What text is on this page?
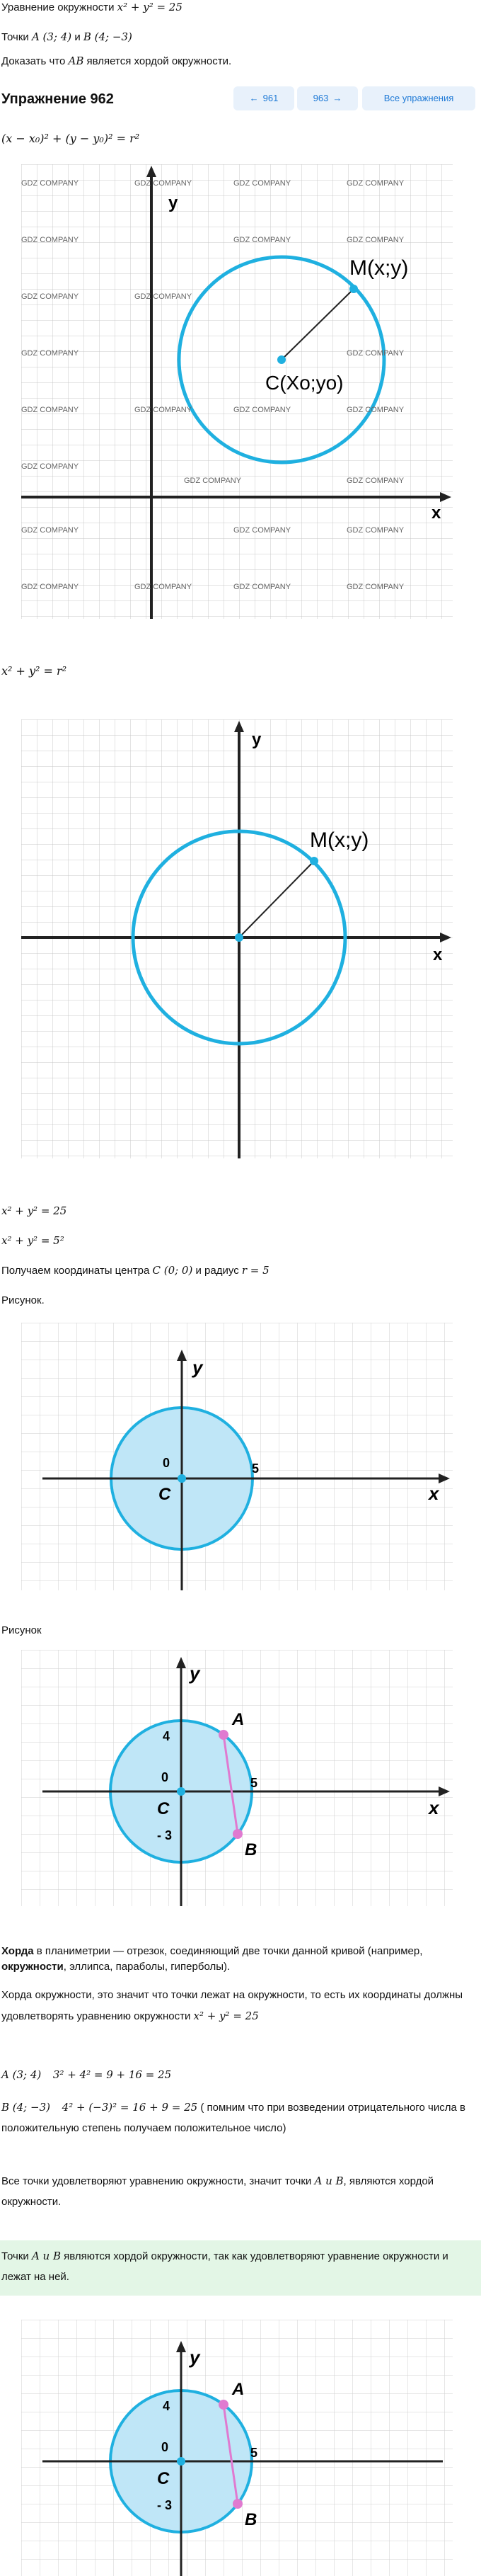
Уравнение окружности x² + y² = 25
Точки A (3; 4) и B (4; −3)
Доказать что AB является хордой окружности.
Упражнение 962	← 961	963 →	Все упражнения
(x − x₀)² + (y − y₀)² = r²
x
y
M(x;y)
C(Xo;yo)
GDZ COMPANY	GDZ COMPANY	GDZ COMPANY	GDZ COMPANY
GDZ COMPANY	GDZ COMPANY	GDZ COMPANY
GDZ COMPANY	GDZ COMPANY
GDZ COMPANY	GDZ COMPANY
GDZ COMPANY	GDZ COMPANY	GDZ COMPANY	GDZ COMPANY
GDZ COMPANY
GDZ COMPANY	GDZ COMPANY
GDZ COMPANY	GDZ COMPANY	GDZ COMPANY
GDZ COMPANY	GDZ COMPANY	GDZ COMPANY	GDZ COMPANY
x² + y² = r²
x
y
M(x;y)
x² + y² = 25
x² + y² = 5²
Получаем координаты центра C (0; 0) и радиус r = 5
Рисунок.
x
y
0
C
5
Рисунок
x
y
0
4
- 3
C
5
A
B
Хорда в планиметрии — отрезок, соединяющий две точки данной кривой (например, окружности, эллипса, параболы, гиперболы).
Хорда окружности, это значит что точки лежат на окружности, то есть их координаты должны удовлетворять уравнению окружности x² + y² = 25
A (3; 4) 3² + 4² = 9 + 16 = 25
B (4; −3) 4² + (−3)² = 16 + 9 = 25 ( помним что при возведении отрицательного числа в положительную степень получаем положительное число)
Все точки удовлетворяют уравнению окружности, значит точки A и B, являются хордой окружности.
Точки A и B являются хордой окружности, так как удовлетворяют уравнение окружности и лежат на ней.
y
0
4
- 3
C
5
A
B
